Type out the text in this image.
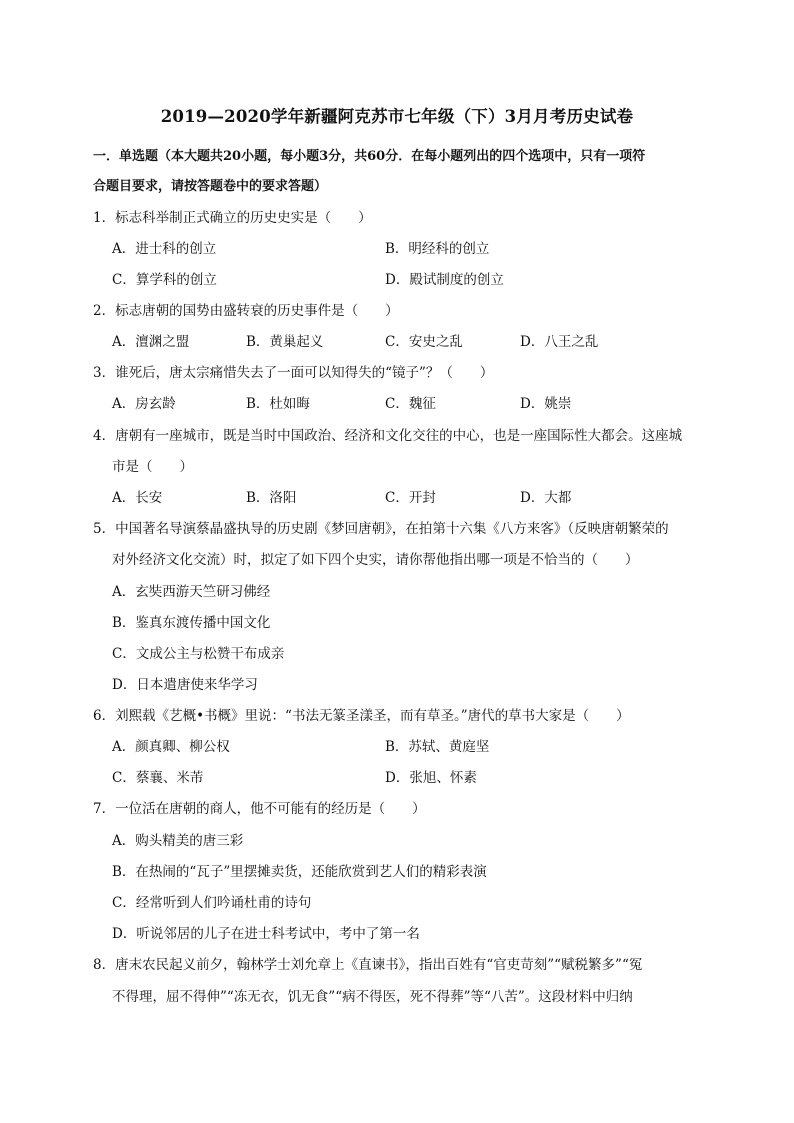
2019—2020学年新疆阿克苏市七年级（下）3月月考历史试卷
一．单选题（本大题共20小题，每小题3分，共60分．在每小题列出的四个选项中，只有一项符
合题目要求，请按答题卷中的要求答题）
1．标志科举制正式确立的历史史实是（　　）
A．进士科的创立	B．明经科的创立
C．算学科的创立	D．殿试制度的创立
2．标志唐朝的国势由盛转衰的历史事件是（　　）
A．澶渊之盟	B．黄巢起义	C．安史之乱	D．八王之乱
3．谁死后，唐太宗痛惜失去了一面可以知得失的“镜子”？（　　）
A．房玄龄	B．杜如晦	C．魏征	D．姚崇
4．唐朝有一座城市，既是当时中国政治、经济和文化交往的中心，也是一座国际性大都会。这座城
市是（　　）
A．长安	B．洛阳	C．开封	D．大都
5．中国著名导演蔡晶盛执导的历史剧《梦回唐朝》，在拍第十六集《八方来客》（反映唐朝繁荣的
对外经济文化交流）时，拟定了如下四个史实，请你帮他指出哪一项是不恰当的（　　）
A．玄奘西游天竺研习佛经
B．鉴真东渡传播中国文化
C．文成公主与松赞干布成亲
D．日本遣唐使来华学习
6．刘熙载《艺概•书概》里说：“书法无篆圣漾圣，而有草圣。”唐代的草书大家是（　　）
A．颜真卿、柳公权	B．苏轼、黄庭坚
C．蔡襄、米芾	D．张旭、怀素
7．一位活在唐朝的商人，他不可能有的经历是（　　）
A．购头精美的唐三彩
B．在热闹的“瓦子”里摆摊卖货，还能欣赏到艺人们的精彩表演
C．经常听到人们吟诵杜甫的诗句
D．听说邻居的儿子在进士科考试中，考中了第一名
8．唐末农民起义前夕，翰林学士刘允章上《直谏书》，指出百姓有“官吏苛刻”“赋税繁多”“冤
不得理，屈不得伸”“冻无衣，饥无食”“病不得医，死不得葬”等“八苦”。这段材料中归纳
